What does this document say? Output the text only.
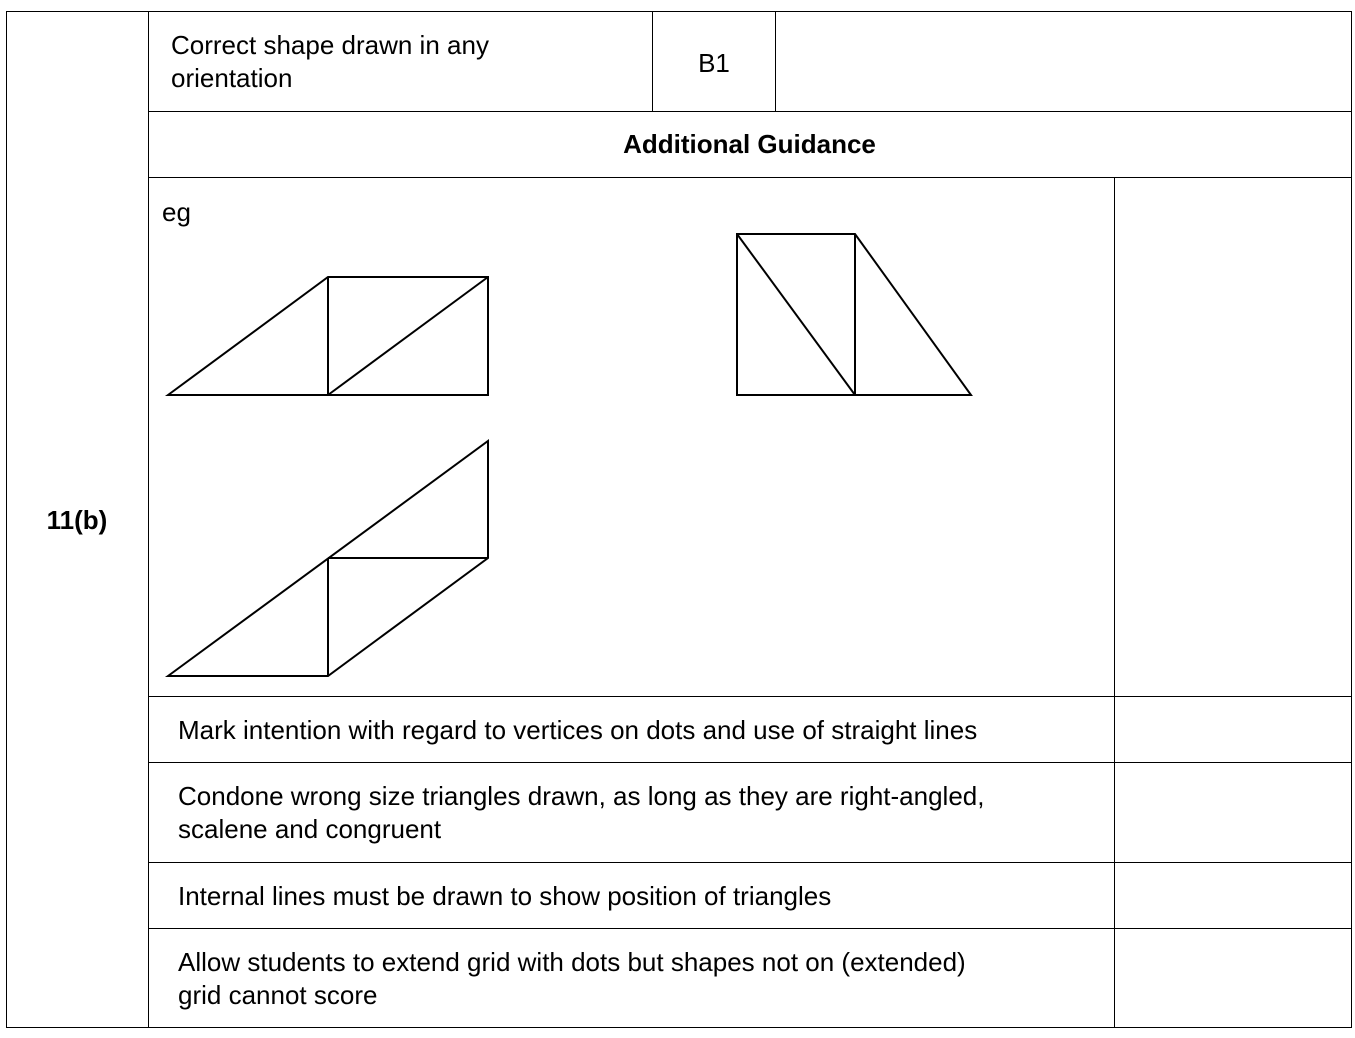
11(b)
Correct shape drawn in any
orientation	B1
Additional Guidance
eg
Mark intention with regard to vertices on dots and use of straight lines
Condone wrong size triangles drawn, as long as they are right-angled,
scalene and congruent
Internal lines must be drawn to show position of triangles
Allow students to extend grid with dots but shapes not on (extended)
grid cannot score
